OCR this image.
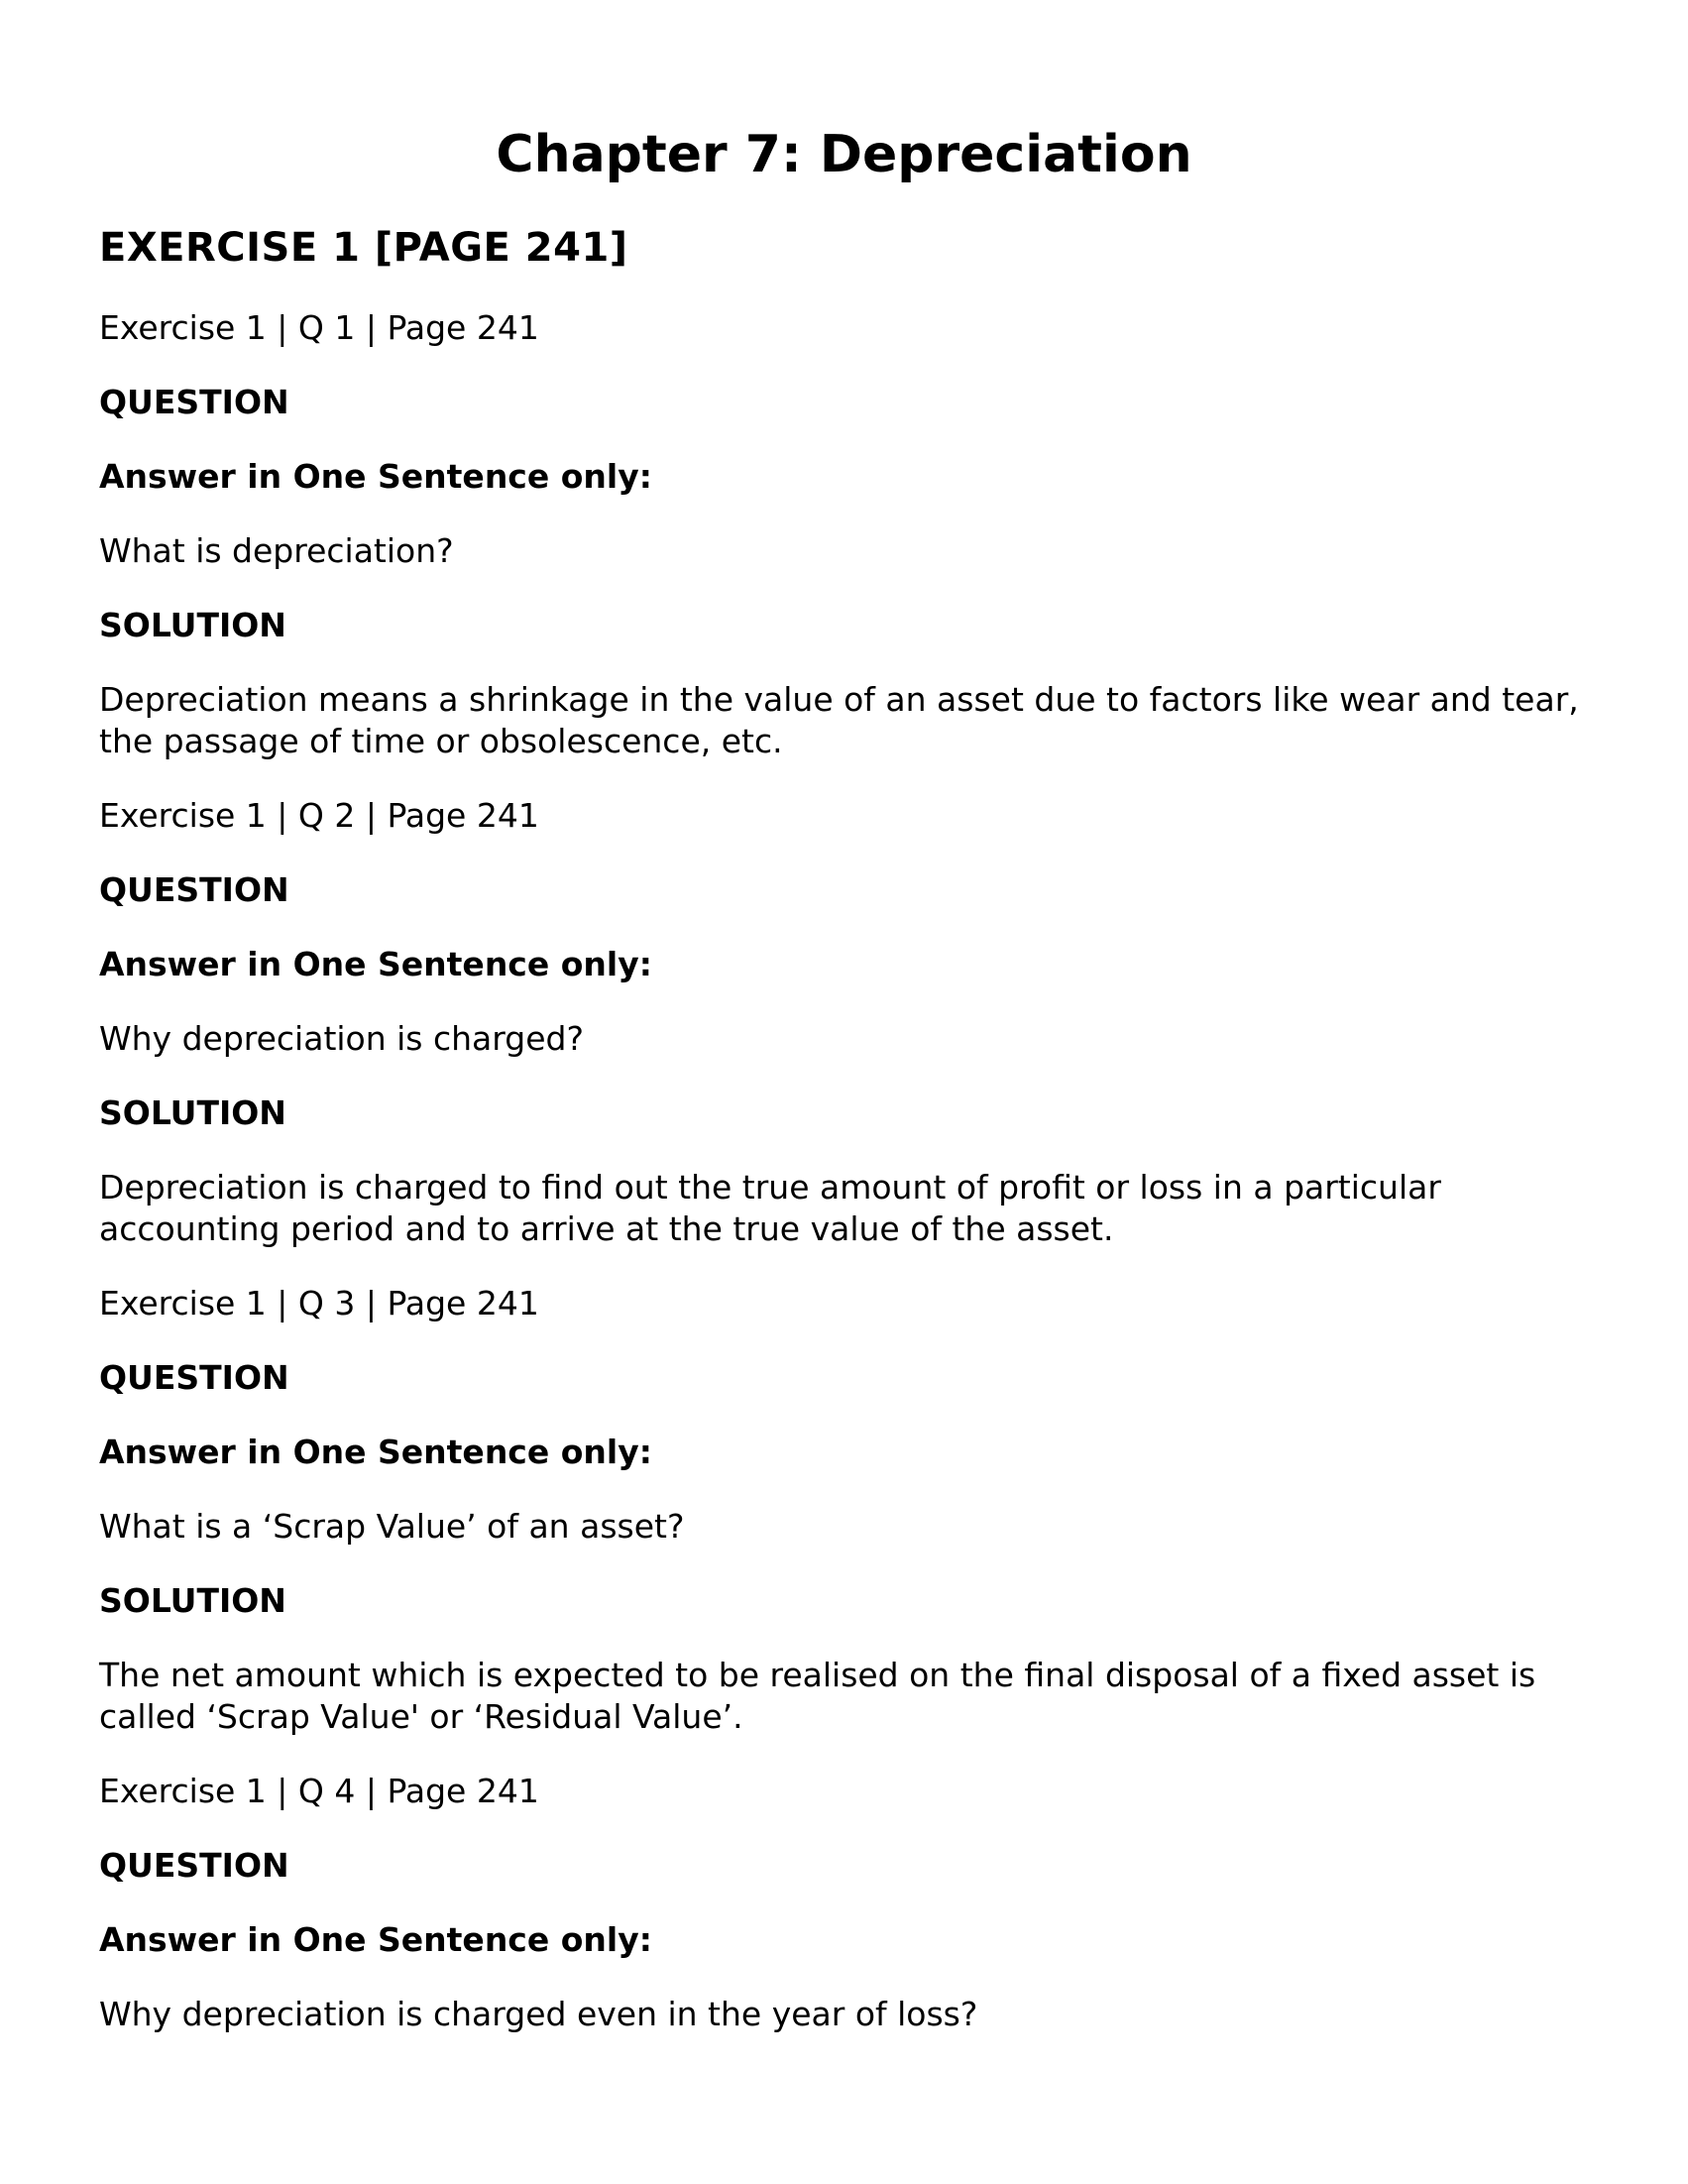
Chapter 7: Depreciation
EXERCISE 1 [PAGE 241]

Exercise 1 | Q 1 | Page 241

QUESTION

Answer in One Sentence only:

What is depreciation?

SOLUTION

Depreciation means a shrinkage in the value of an asset due to factors like wear and tear, the passage of time or obsolescence, etc.

Exercise 1 | Q 2 | Page 241

QUESTION

Answer in One Sentence only:

Why depreciation is charged?

SOLUTION

Depreciation is charged to find out the true amount of profit or loss in a particular accounting period and to arrive at the true value of the asset.

Exercise 1 | Q 3 | Page 241

QUESTION

Answer in One Sentence only:

What is a ‘Scrap Value’ of an asset?

SOLUTION

The net amount which is expected to be realised on the final disposal of a fixed asset is called ‘Scrap Value' or ‘Residual Value’.

Exercise 1 | Q 4 | Page 241

QUESTION

Answer in One Sentence only:

Why depreciation is charged even in the year of loss?
